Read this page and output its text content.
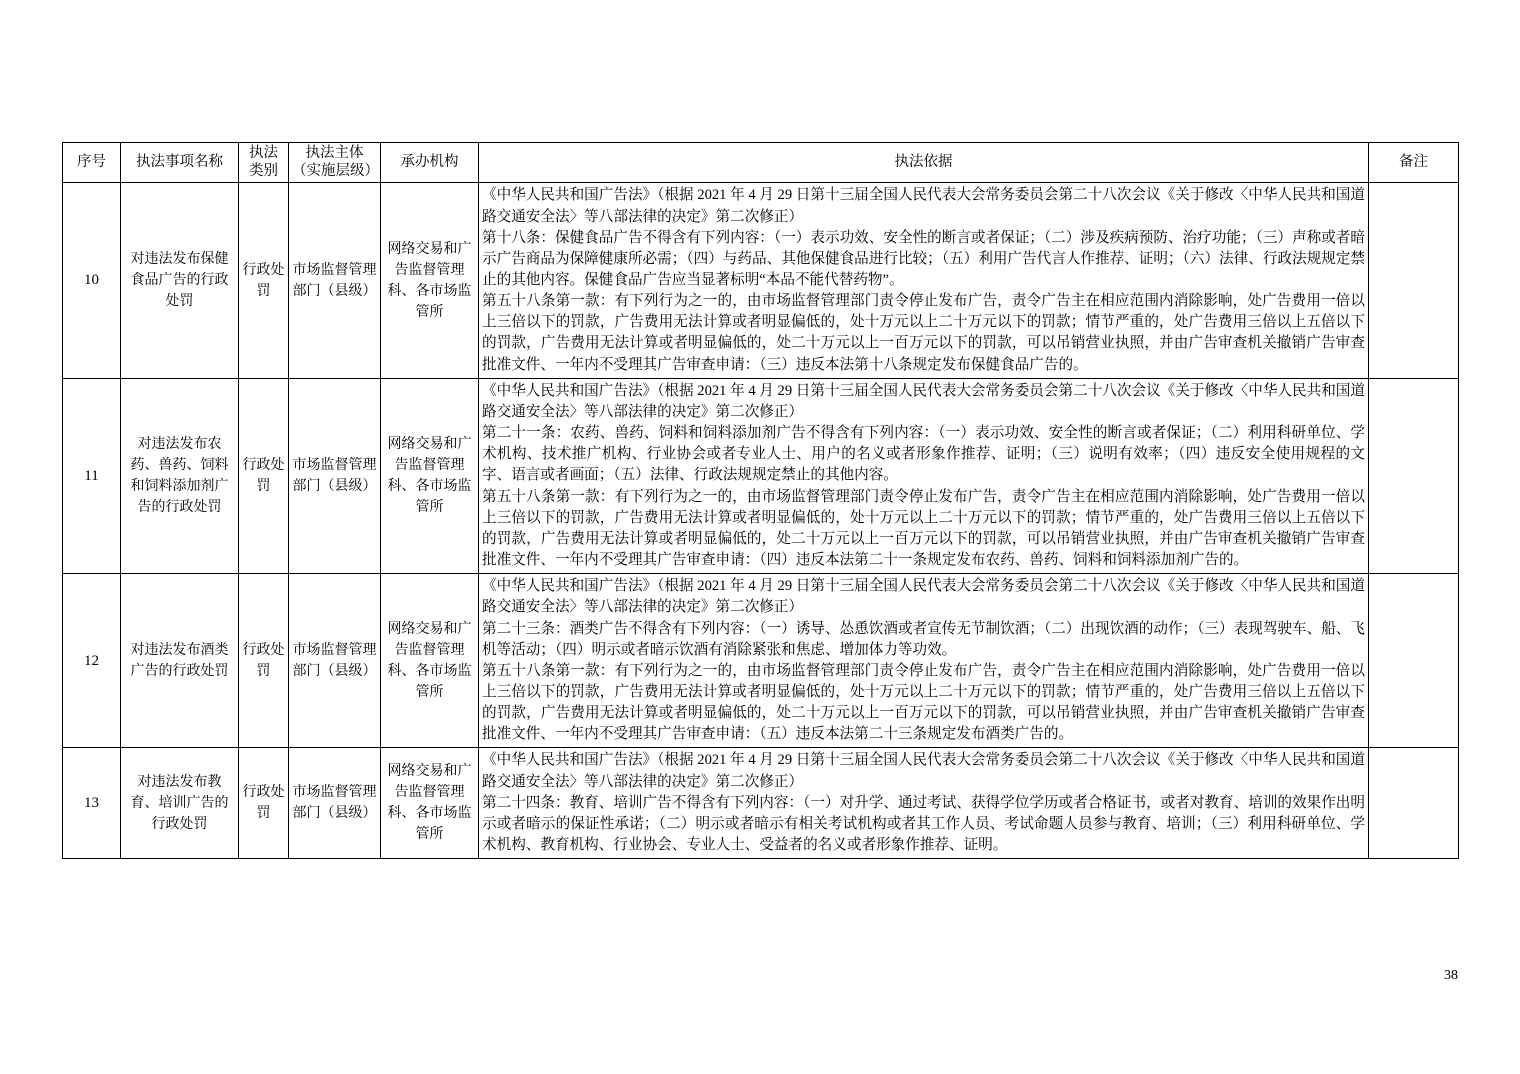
序号	执法事项名称	执法类别	执法主体（实施层级）	承办机构	执法依据	备注
10	对违法发布保健食品广告的行政处罚	行政处罚	市场监督管理部门（县级）	网络交易和广告监督管理科、各市场监管所	《中华人民共和国广告法》（根据 2021 年 4 月 29 日第十三届全国人民代表大会常务委员会第二十八次会议《关于修改〈中华人民共和国道路交通安全法〉等八部法律的决定》第二次修正）

第十八条：保健食品广告不得含有下列内容：（一）表示功效、安全性的断言或者保证；（二）涉及疾病预防、治疗功能；（三）声称或者暗示广告商品为保障健康所必需；（四）与药品、其他保健食品进行比较；（五）利用广告代言人作推荐、证明；（六）法律、行政法规规定禁止的其他内容。保健食品广告应当显著标明“本品不能代替药物”。

第五十八条第一款：有下列行为之一的，由市场监督管理部门责令停止发布广告，责令广告主在相应范围内消除影响，处广告费用一倍以上三倍以下的罚款，广告费用无法计算或者明显偏低的，处十万元以上二十万元以下的罚款；情节严重的，处广告费用三倍以上五倍以下的罚款，广告费用无法计算或者明显偏低的，处二十万元以上一百万元以下的罚款，可以吊销营业执照，并由广告审查机关撤销广告审查批准文件、一年内不受理其广告审查申请：（三）违反本法第十八条规定发布保健食品广告的。	

11	对违法发布农药、兽药、饲料和饲料添加剂广告的行政处罚	行政处罚	市场监督管理部门（县级）	网络交易和广告监督管理科、各市场监管所	《中华人民共和国广告法》（根据 2021 年 4 月 29 日第十三届全国人民代表大会常务委员会第二十八次会议《关于修改〈中华人民共和国道路交通安全法〉等八部法律的决定》第二次修正）

第二十一条：农药、兽药、饲料和饲料添加剂广告不得含有下列内容：（一）表示功效、安全性的断言或者保证；（二）利用科研单位、学术机构、技术推广机构、行业协会或者专业人士、用户的名义或者形象作推荐、证明；（三）说明有效率；（四）违反安全使用规程的文字、语言或者画面；（五）法律、行政法规规定禁止的其他内容。

第五十八条第一款：有下列行为之一的，由市场监督管理部门责令停止发布广告，责令广告主在相应范围内消除影响，处广告费用一倍以上三倍以下的罚款，广告费用无法计算或者明显偏低的，处十万元以上二十万元以下的罚款；情节严重的，处广告费用三倍以上五倍以下的罚款，广告费用无法计算或者明显偏低的，处二十万元以上一百万元以下的罚款，可以吊销营业执照，并由广告审查机关撤销广告审查批准文件、一年内不受理其广告审查申请：（四）违反本法第二十一条规定发布农药、兽药、饲料和饲料添加剂广告的。	

12	对违法发布酒类广告的行政处罚	行政处罚	市场监督管理部门（县级）	网络交易和广告监督管理科、各市场监管所	《中华人民共和国广告法》（根据 2021 年 4 月 29 日第十三届全国人民代表大会常务委员会第二十八次会议《关于修改〈中华人民共和国道路交通安全法〉等八部法律的决定》第二次修正）

第二十三条：酒类广告不得含有下列内容：（一）诱导、怂恿饮酒或者宣传无节制饮酒；（二）出现饮酒的动作；（三）表现驾驶车、船、飞机等活动；（四）明示或者暗示饮酒有消除紧张和焦虑、增加体力等功效。

第五十八条第一款：有下列行为之一的，由市场监督管理部门责令停止发布广告，责令广告主在相应范围内消除影响，处广告费用一倍以上三倍以下的罚款，广告费用无法计算或者明显偏低的，处十万元以上二十万元以下的罚款；情节严重的，处广告费用三倍以上五倍以下的罚款，广告费用无法计算或者明显偏低的，处二十万元以上一百万元以下的罚款，可以吊销营业执照，并由广告审查机关撤销广告审查批准文件、一年内不受理其广告审查申请：（五）违反本法第二十三条规定发布酒类广告的。	

13	对违法发布教育、培训广告的行政处罚	行政处罚	市场监督管理部门（县级）	网络交易和广告监督管理科、各市场监管所	《中华人民共和国广告法》（根据 2021 年 4 月 29 日第十三届全国人民代表大会常务委员会第二十八次会议《关于修改〈中华人民共和国道路交通安全法〉等八部法律的决定》第二次修正）

第二十四条：教育、培训广告不得含有下列内容：（一）对升学、通过考试、获得学位学历或者合格证书，或者对教育、培训的效果作出明示或者暗示的保证性承诺；（二）明示或者暗示有相关考试机构或者其工作人员、考试命题人员参与教育、培训；（三）利用科研单位、学术机构、教育机构、行业协会、专业人士、受益者的名义或者形象作推荐、证明。	

38
